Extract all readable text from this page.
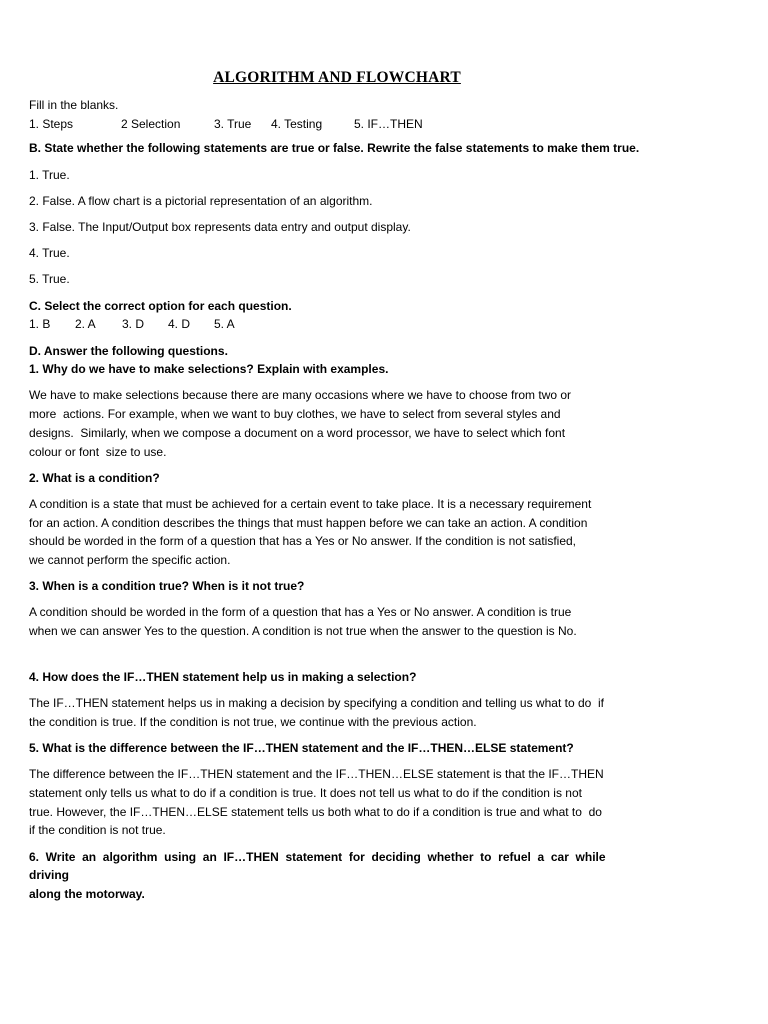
ALGORITHM AND FLOWCHART

Fill in the blanks.

1. Steps	2 Selection	3. True	4. Testing	5. IF…THEN

B. State whether the following statements are true or false. Rewrite the false statements to make them true.

1. True.

2. False. A flow chart is a pictorial representation of an algorithm.

3. False. The Input/Output box represents data entry and output display.

4. True.

5. True.

C. Select the correct option for each question.

1. B	2. A	3. D	4. D	5. A

D. Answer the following questions.

1. Why do we have to make selections? Explain with examples.

We have to make selections because there are many occasions where we have to choose from two or

more  actions. For example, when we want to buy clothes, we have to select from several styles and

designs.  Similarly, when we compose a document on a word processor, we have to select which font

colour or font  size to use.

2. What is a condition?

A condition is a state that must be achieved for a certain event to take place. It is a necessary requirement

for an action. A condition describes the things that must happen before we can take an action. A condition

should be worded in the form of a question that has a Yes or No answer. If the condition is not satisfied,

we cannot perform the specific action.

3. When is a condition true? When is it not true?

A condition should be worded in the form of a question that has a Yes or No answer. A condition is true

when we can answer Yes to the question. A condition is not true when the answer to the question is No.

4. How does the IF…THEN statement help us in making a selection?

The IF…THEN statement helps us in making a decision by specifying a condition and telling us what to do  if

the condition is true. If the condition is not true, we continue with the previous action.

5. What is the difference between the IF…THEN statement and the IF…THEN…ELSE statement?

The difference between the IF…THEN statement and the IF…THEN…ELSE statement is that the IF…THEN

statement only tells us what to do if a condition is true. It does not tell us what to do if the condition is not

true. However, the IF…THEN…ELSE statement tells us both what to do if a condition is true and what to  do

if the condition is not true.

6.  Write  an  algorithm  using  an  IF…THEN  statement  for  deciding  whether  to  refuel  a  car  while  driving

along the motorway.
